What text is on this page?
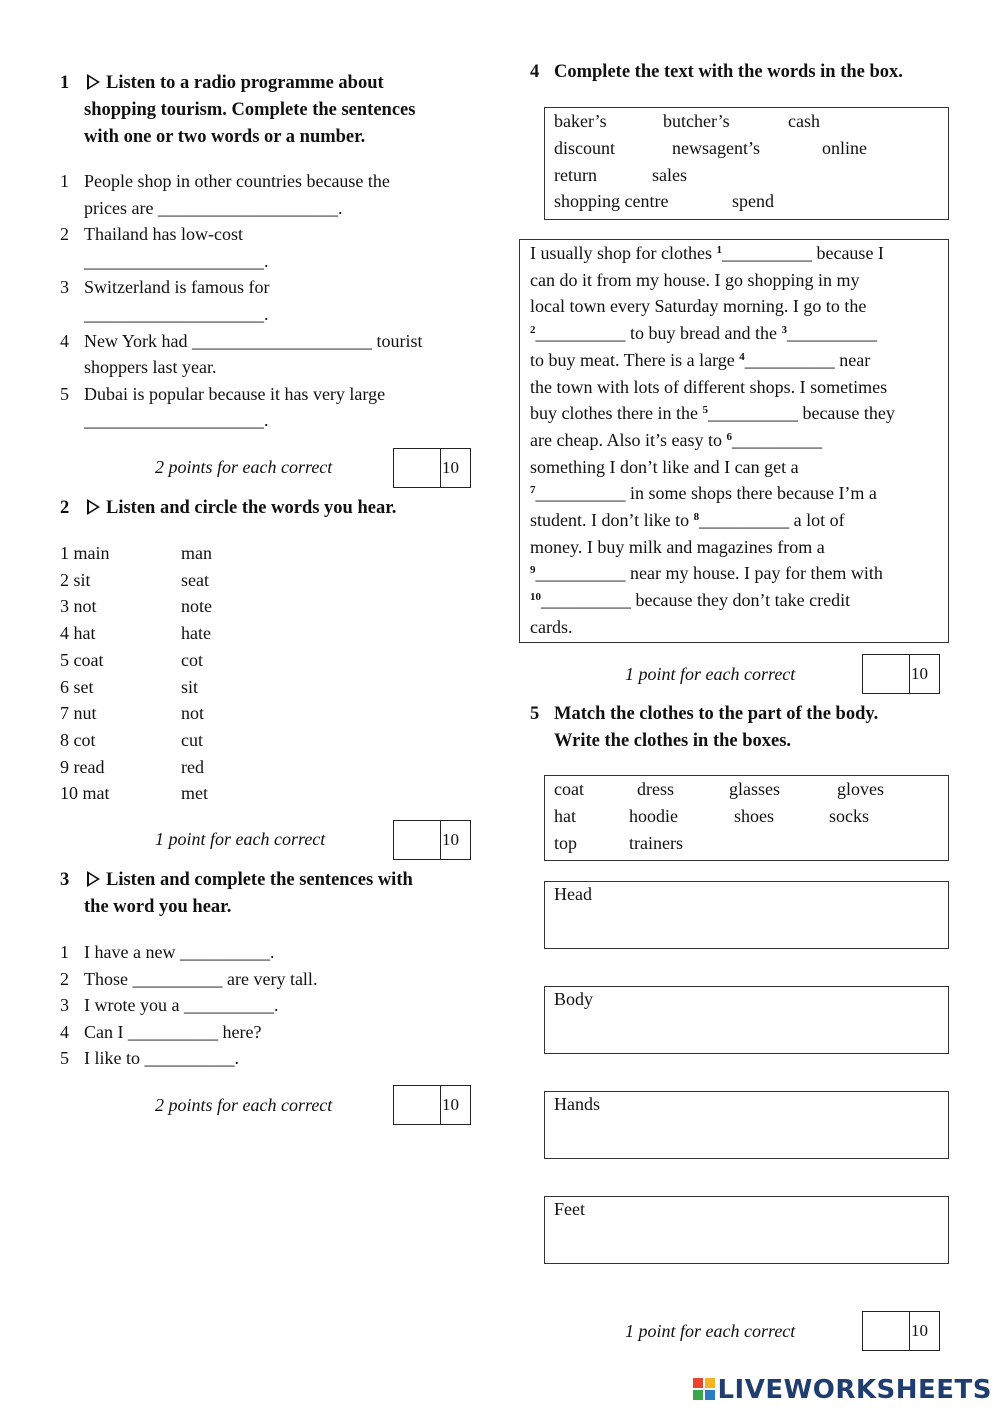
1 Listen to a radio programme about
shopping tourism. Complete the sentences
with one or two words or a number.
1 People shop in other countries because the
prices are ____________________.
2 Thailand has low-cost
____________________.
3 Switzerland is famous for
____________________.
4 New York had ____________________ tourist
shoppers last year.
5 Dubai is popular because it has very large
____________________.
2 points for each correct	10
2 Listen and circle the words you hear.
1 main	man
2 sit	seat
3 not	note
4 hat	hate
5 coat	cot
6 set	sit
7 nut	not
8 cot	cut
9 read	red
10 mat	met
1 point for each correct	10
3 Listen and complete the sentences with
the word you hear.
1 I have a new __________.
2 Those __________ are very tall.
3 I wrote you a __________.
4 Can I __________ here?
5 I like to __________.
2 points for each correct	10
4 Complete the text with the words in the box.
baker’s	butcher’s	cash
discount	newsagent’s	online
return	sales
shopping centre	spend
I usually shop for clothes $^1$__________ because I
can do it from my house. I go shopping in my
local town every Saturday morning. I go to the
$^2$__________ to buy bread and the $^3$__________
to buy meat. There is a large $^4$__________ near
the town with lots of different shops. I sometimes
buy clothes there in the $^5$__________ because they
are cheap. Also it’s easy to $^6$__________
something I don’t like and I can get a
$^7$__________ in some shops there because I’m a
student. I don’t like to $^8$__________ a lot of
money. I buy milk and magazines from a
$^9$__________ near my house. I pay for them with
$^{10}$__________ because they don’t take credit
cards.
1 point for each correct	10
5 Match the clothes to the part of the body.
Write the clothes in the boxes.
coat	dress	glasses	gloves
hat	hoodie	shoes	socks
top	trainers
Head
Body
Hands
Feet
1 point for each correct	10
LIVEWORKSHEETS
